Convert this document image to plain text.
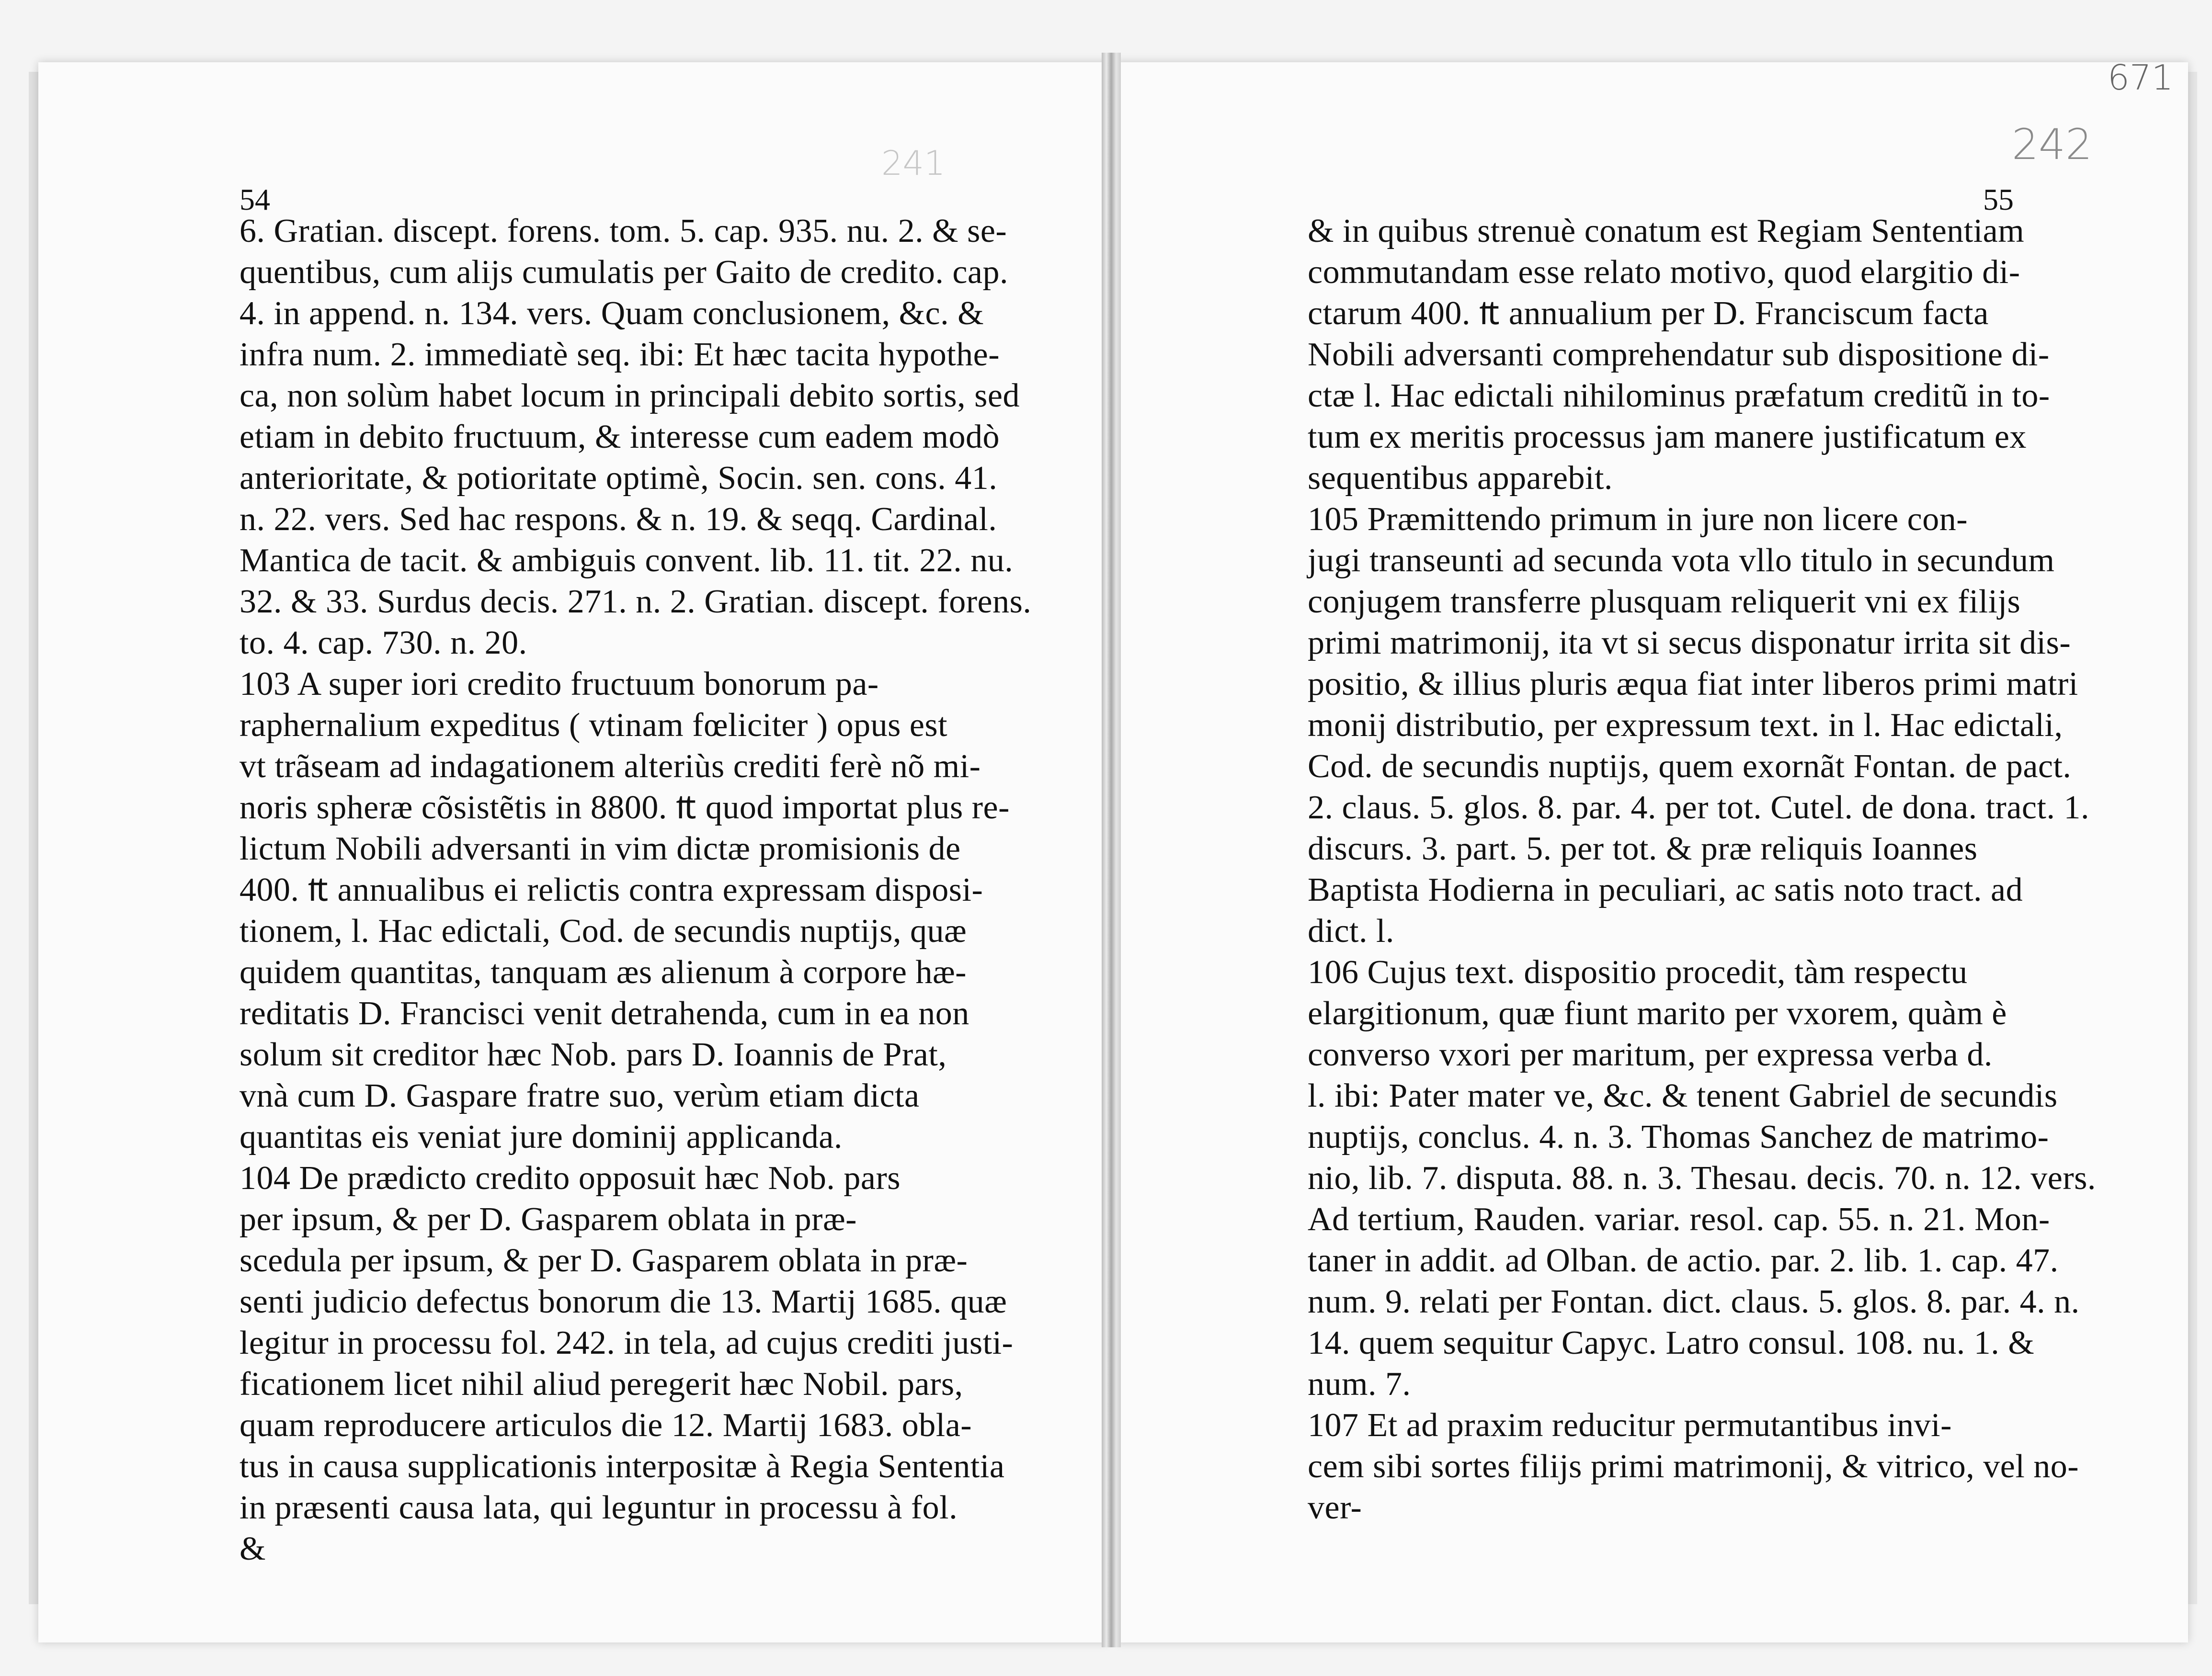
241	242
671
6. Gratian. discept. forens. tom. 5. cap. 935. nu. 2. & se-
quentibus, cum alijs cumulatis per Gaito de credito. cap.
4. in append. n. 134. vers. Quam conclusionem, &c. &
infra num. 2. immediatè seq. ibi: Et hæc tacita hypothe-
ca, non solùm habet locum in principali debito sortis, sed
etiam in debito fructuum, & interesse cum eadem modò
anterioritate, & potioritate optimè, Socin. sen. cons. 41.
n. 22. vers. Sed hac respons. & n. 19. & seqq. Cardinal.
Mantica de tacit. & ambiguis convent. lib. 11. tit. 22. nu.
32. & 33. Surdus decis. 271. n. 2. Gratian. discept. forens.
to. 4. cap. 730. n. 20.
103 A super iori credito fructuum bonorum pa-
raphernalium expeditus ( vtinam fœliciter ) opus est
vt trãseam ad indagationem alteriùs crediti ferè nõ mi-
noris spheræ cõsistẽtis in 8800. ₶ quod importat plus re-
lictum Nobili adversanti in vim dictæ promisionis de
400. ₶ annualibus ei relictis contra expressam disposi-
tionem, l. Hac edictali, Cod. de secundis nuptijs, quæ
quidem quantitas, tanquam æs alienum à corpore hæ-
reditatis D. Francisci venit detrahenda, cum in ea non
solum sit creditor hæc Nob. pars D. Ioannis de Prat,
vnà cum D. Gaspare fratre suo, verùm etiam dicta
quantitas eis veniat jure dominij applicanda.
104 De prædicto credito opposuit hæc Nob. pars
per ipsum, & per D. Gasparem oblata in præ-
scedula per ipsum, & per D. Gasparem oblata in præ-
senti judicio defectus bonorum die 13. Martij 1685. quæ
legitur in processu fol. 242. in tela, ad cujus crediti justi-
ficationem licet nihil aliud peregerit hæc Nobil. pars,
quam reproducere articulos die 12. Martij 1683. obla-
tus in causa supplicationis interpositæ à Regia Sententia
in præsenti causa lata, qui leguntur in processu à fol.
&
& in quibus strenuè conatum est Regiam Sententiam
commutandam esse relato motivo, quod elargitio di-
ctarum 400. ₶ annualium per D. Franciscum facta
Nobili adversanti comprehendatur sub dispositione di-
ctæ l. Hac edictali nihilominus præfatum creditũ in to-
tum ex meritis processus jam manere justificatum ex
sequentibus apparebit.
105 Præmittendo primum in jure non licere con-
jugi transeunti ad secunda vota vllo titulo in secundum
conjugem transferre plusquam reliquerit vni ex filijs
primi matrimonij, ita vt si secus disponatur irrita sit dis-
positio, & illius pluris æqua fiat inter liberos primi matri
monij distributio, per expressum text. in l. Hac edictali,
Cod. de secundis nuptijs, quem exornãt Fontan. de pact.
2. claus. 5. glos. 8. par. 4. per tot. Cutel. de dona. tract. 1.
discurs. 3. part. 5. per tot. & præ reliquis Ioannes
Baptista Hodierna in peculiari, ac satis noto tract. ad
dict. l.
106 Cujus text. dispositio procedit, tàm respectu
elargitionum, quæ fiunt marito per vxorem, quàm è
converso vxori per maritum, per expressa verba d.
l. ibi: Pater mater ve, &c. & tenent Gabriel de secundis
nuptijs, conclus. 4. n. 3. Thomas Sanchez de matrimo-
nio, lib. 7. disputa. 88. n. 3. Thesau. decis. 70. n. 12. vers.
Ad tertium, Rauden. variar. resol. cap. 55. n. 21. Mon-
taner in addit. ad Olban. de actio. par. 2. lib. 1. cap. 47.
num. 9. relati per Fontan. dict. claus. 5. glos. 8. par. 4. n.
14. quem sequitur Capyc. Latro consul. 108. nu. 1. &
num. 7.
107 Et ad praxim reducitur permutantibus invi-
cem sibi sortes filijs primi matrimonij, & vitrico, vel no-
ver-
54	55
